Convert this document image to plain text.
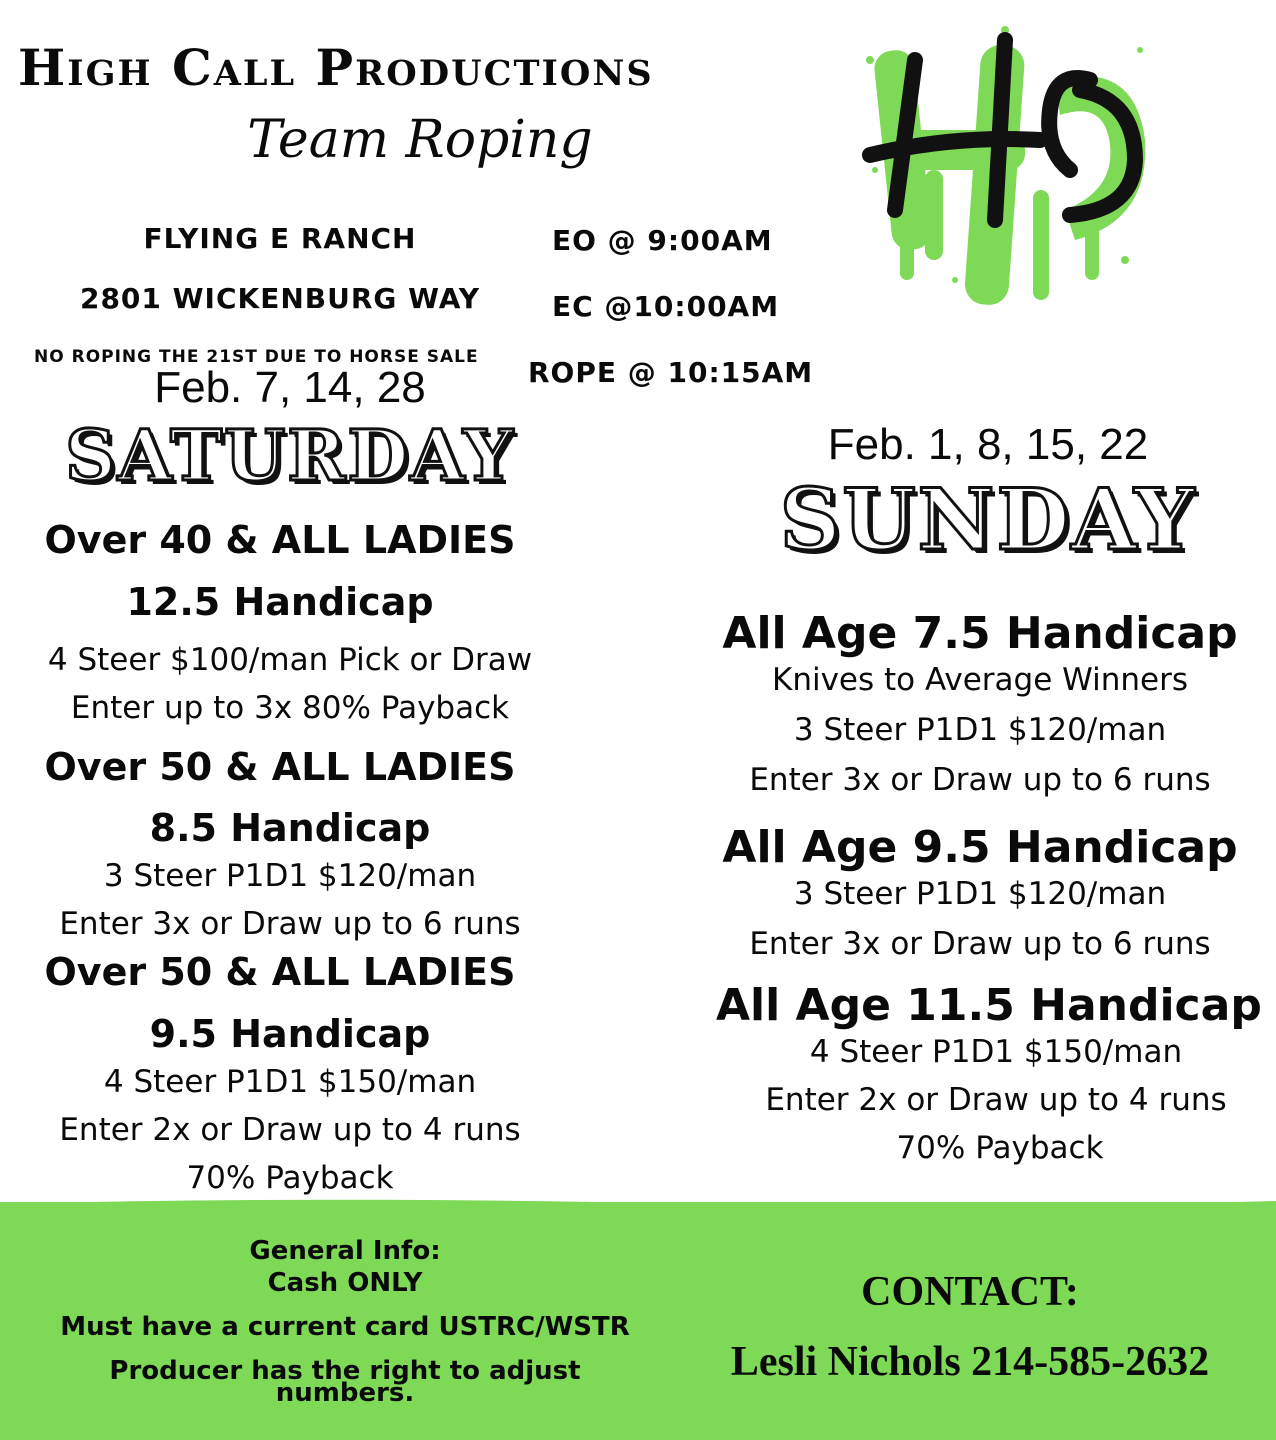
High Call Productions
Team Roping
FLYING E RANCH
2801 WICKENBURG WAY
NO ROPING THE 21ST DUE TO HORSE SALE
EO @ 9:00AM
EC @10:00AM
ROPE @ 10:15AM
Feb. 7, 14, 28
SATURDAY
Over 40 & ALL LADIES
12.5 Handicap
4 Steer $100/man Pick or Draw
Enter up to 3x 80% Payback
Over 50 & ALL LADIES
8.5 Handicap
3 Steer P1D1 $120/man
Enter 3x or Draw up to 6 runs
Over 50 & ALL LADIES
9.5 Handicap
4 Steer P1D1 $150/man
Enter 2x or Draw up to 4 runs
70% Payback
Feb. 1, 8, 15, 22
SUNDAY
All Age 7.5 Handicap
Knives to Average Winners
3 Steer P1D1 $120/man
Enter 3x or Draw up to 6 runs
All Age 9.5 Handicap
3 Steer P1D1 $120/man
Enter 3x or Draw up to 6 runs
All Age 11.5 Handicap
4 Steer P1D1 $150/man
Enter 2x or Draw up to 4 runs
70% Payback
General Info:
Cash ONLY
Must have a current card USTRC/WSTR
Producer has the right to adjust
numbers.
CONTACT:
Lesli Nichols 214-585-2632
